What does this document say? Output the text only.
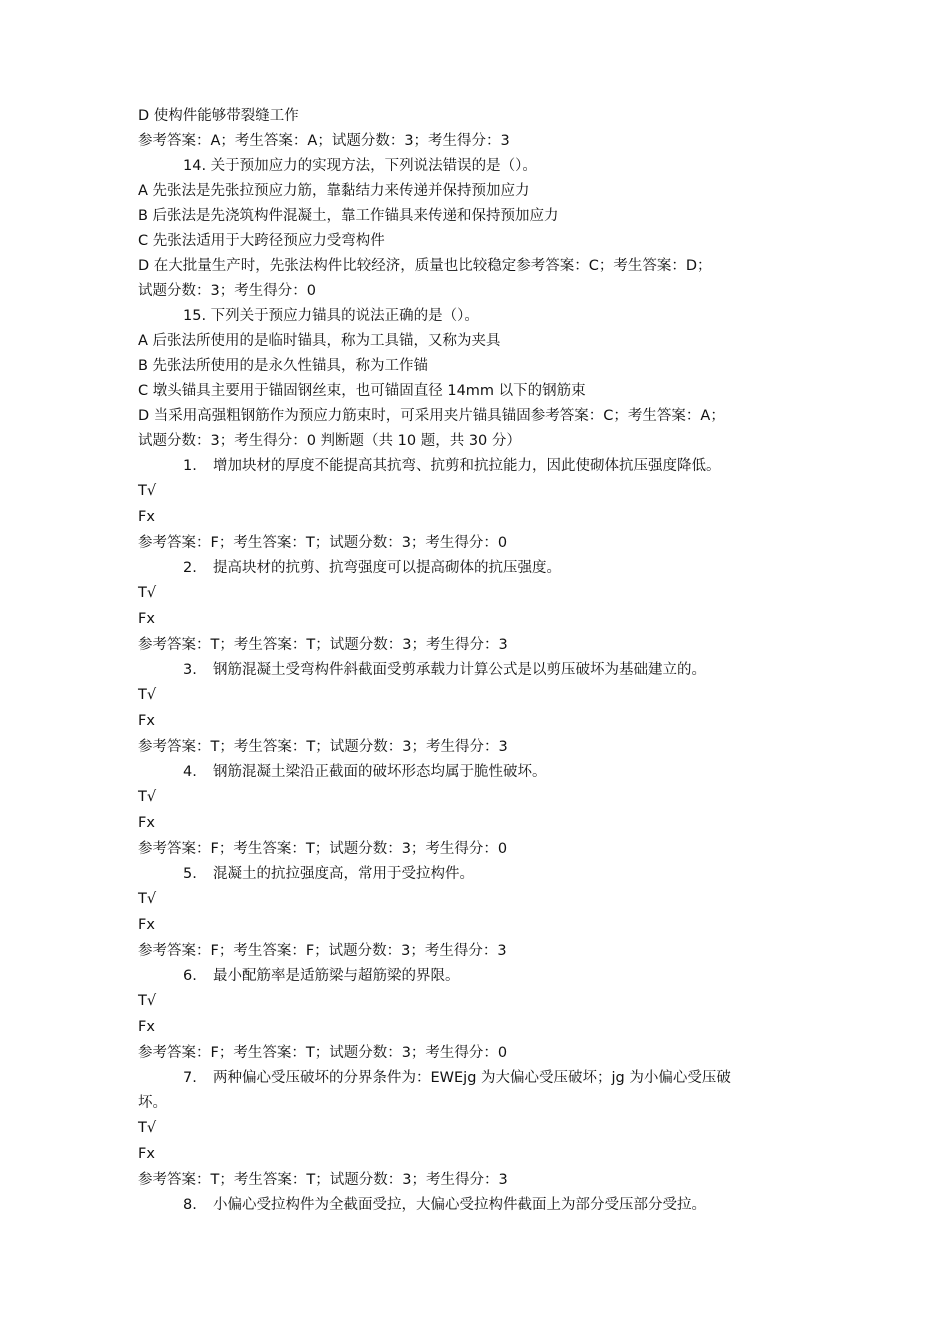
D 使构件能够带裂缝工作
参考答案：A；考生答案：A；试题分数：3；考生得分：3
14. 关于预加应力的实现方法，下列说法错误的是（）。
A 先张法是先张拉预应力筋，靠黏结力来传递并保持预加应力
B 后张法是先浇筑构件混凝土，靠工作锚具来传递和保持预加应力
C 先张法适用于大跨径预应力受弯构件
D 在大批量生产时，先张法构件比较经济，质量也比较稳定参考答案：C；考生答案：D；
试题分数：3；考生得分：0
15. 下列关于预应力锚具的说法正确的是（）。
A 后张法所使用的是临时锚具，称为工具锚，又称为夹具
B 先张法所使用的是永久性锚具，称为工作锚
C 墩头锚具主要用于锚固钢丝束，也可锚固直径 14mm 以下的钢筋束
D 当采用高强粗钢筋作为预应力筋束时，可采用夹片锚具锚固参考答案：C；考生答案：A；
试题分数：3；考生得分：0 判断题（共 10 题，共 30 分）
1. 增加块材的厚度不能提高其抗弯、抗剪和抗拉能力，因此使砌体抗压强度降低。
T√
Fx
参考答案：F；考生答案：T；试题分数：3；考生得分：0
2. 提高块材的抗剪、抗弯强度可以提高砌体的抗压强度。
T√
Fx
参考答案：T；考生答案：T；试题分数：3；考生得分：3
3. 钢筋混凝土受弯构件斜截面受剪承载力计算公式是以剪压破坏为基础建立的。
T√
Fx
参考答案：T；考生答案：T；试题分数：3；考生得分：3
4. 钢筋混凝土梁沿正截面的破坏形态均属于脆性破坏。
T√
Fx
参考答案：F；考生答案：T；试题分数：3；考生得分：0
5. 混凝土的抗拉强度高，常用于受拉构件。
T√
Fx
参考答案：F；考生答案：F；试题分数：3；考生得分：3
6. 最小配筋率是适筋梁与超筋梁的界限。
T√
Fx
参考答案：F；考生答案：T；试题分数：3；考生得分：0
7. 两种偏心受压破坏的分界条件为：EWEjg 为大偏心受压破坏；jg 为小偏心受压破
坏。
T√
Fx
参考答案：T；考生答案：T；试题分数：3；考生得分：3
8. 小偏心受拉构件为全截面受拉，大偏心受拉构件截面上为部分受压部分受拉。
